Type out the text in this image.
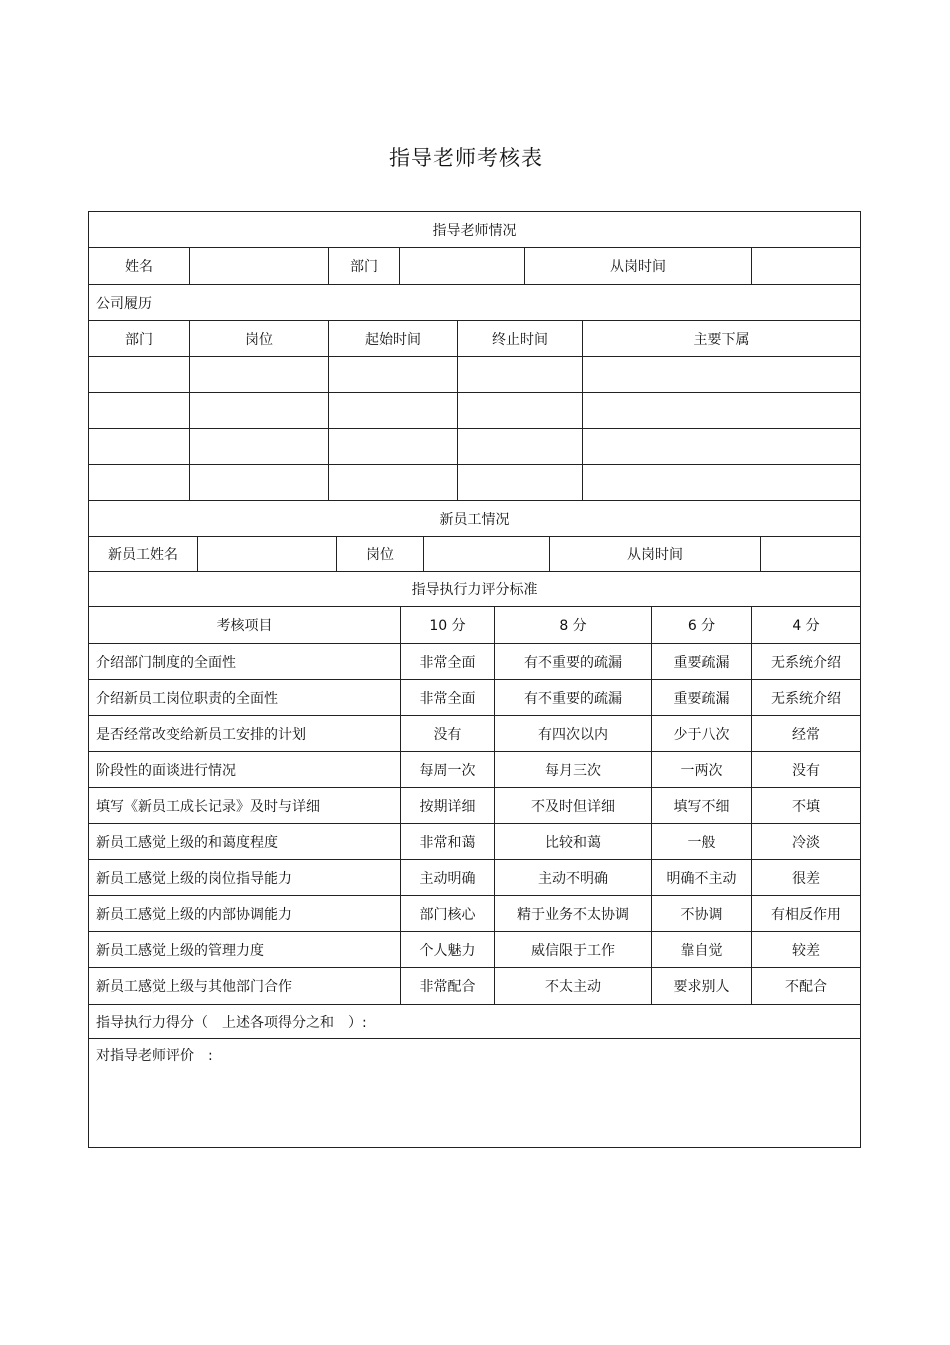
指导老师考核表
指导老师情况
姓名	部门	从岗时间
公司履历
部门	岗位	起始时间	终止时间	主要下属
新员工情况
新员工姓名	岗位	从岗时间
指导执行力评分标准
考核项目	10 分	8 分	6 分	4 分
介绍部门制度的全面性	非常全面	有不重要的疏漏	重要疏漏	无系统介绍
介绍新员工岗位职责的全面性	非常全面	有不重要的疏漏	重要疏漏	无系统介绍
是否经常改变给新员工安排的计划	没有	有四次以内	少于八次	经常
阶段性的面谈进行情况	每周一次	每月三次	一两次	没有
填写《新员工成长记录》及时与详细	按期详细	不及时但详细	填写不细	不填
新员工感觉上级的和蔼度程度	非常和蔼	比较和蔼	一般	冷淡
新员工感觉上级的岗位指导能力	主动明确	主动不明确	明确不主动	很差
新员工感觉上级的内部协调能力	部门核心	精于业务不太协调	不协调	有相反作用
新员工感觉上级的管理力度	个人魅力	威信限于工作	靠自觉	较差
新员工感觉上级与其他部门合作	非常配合	不太主动	要求别人	不配合
指导执行力得分（　上述各项得分之和　）:
对指导老师评价　:
